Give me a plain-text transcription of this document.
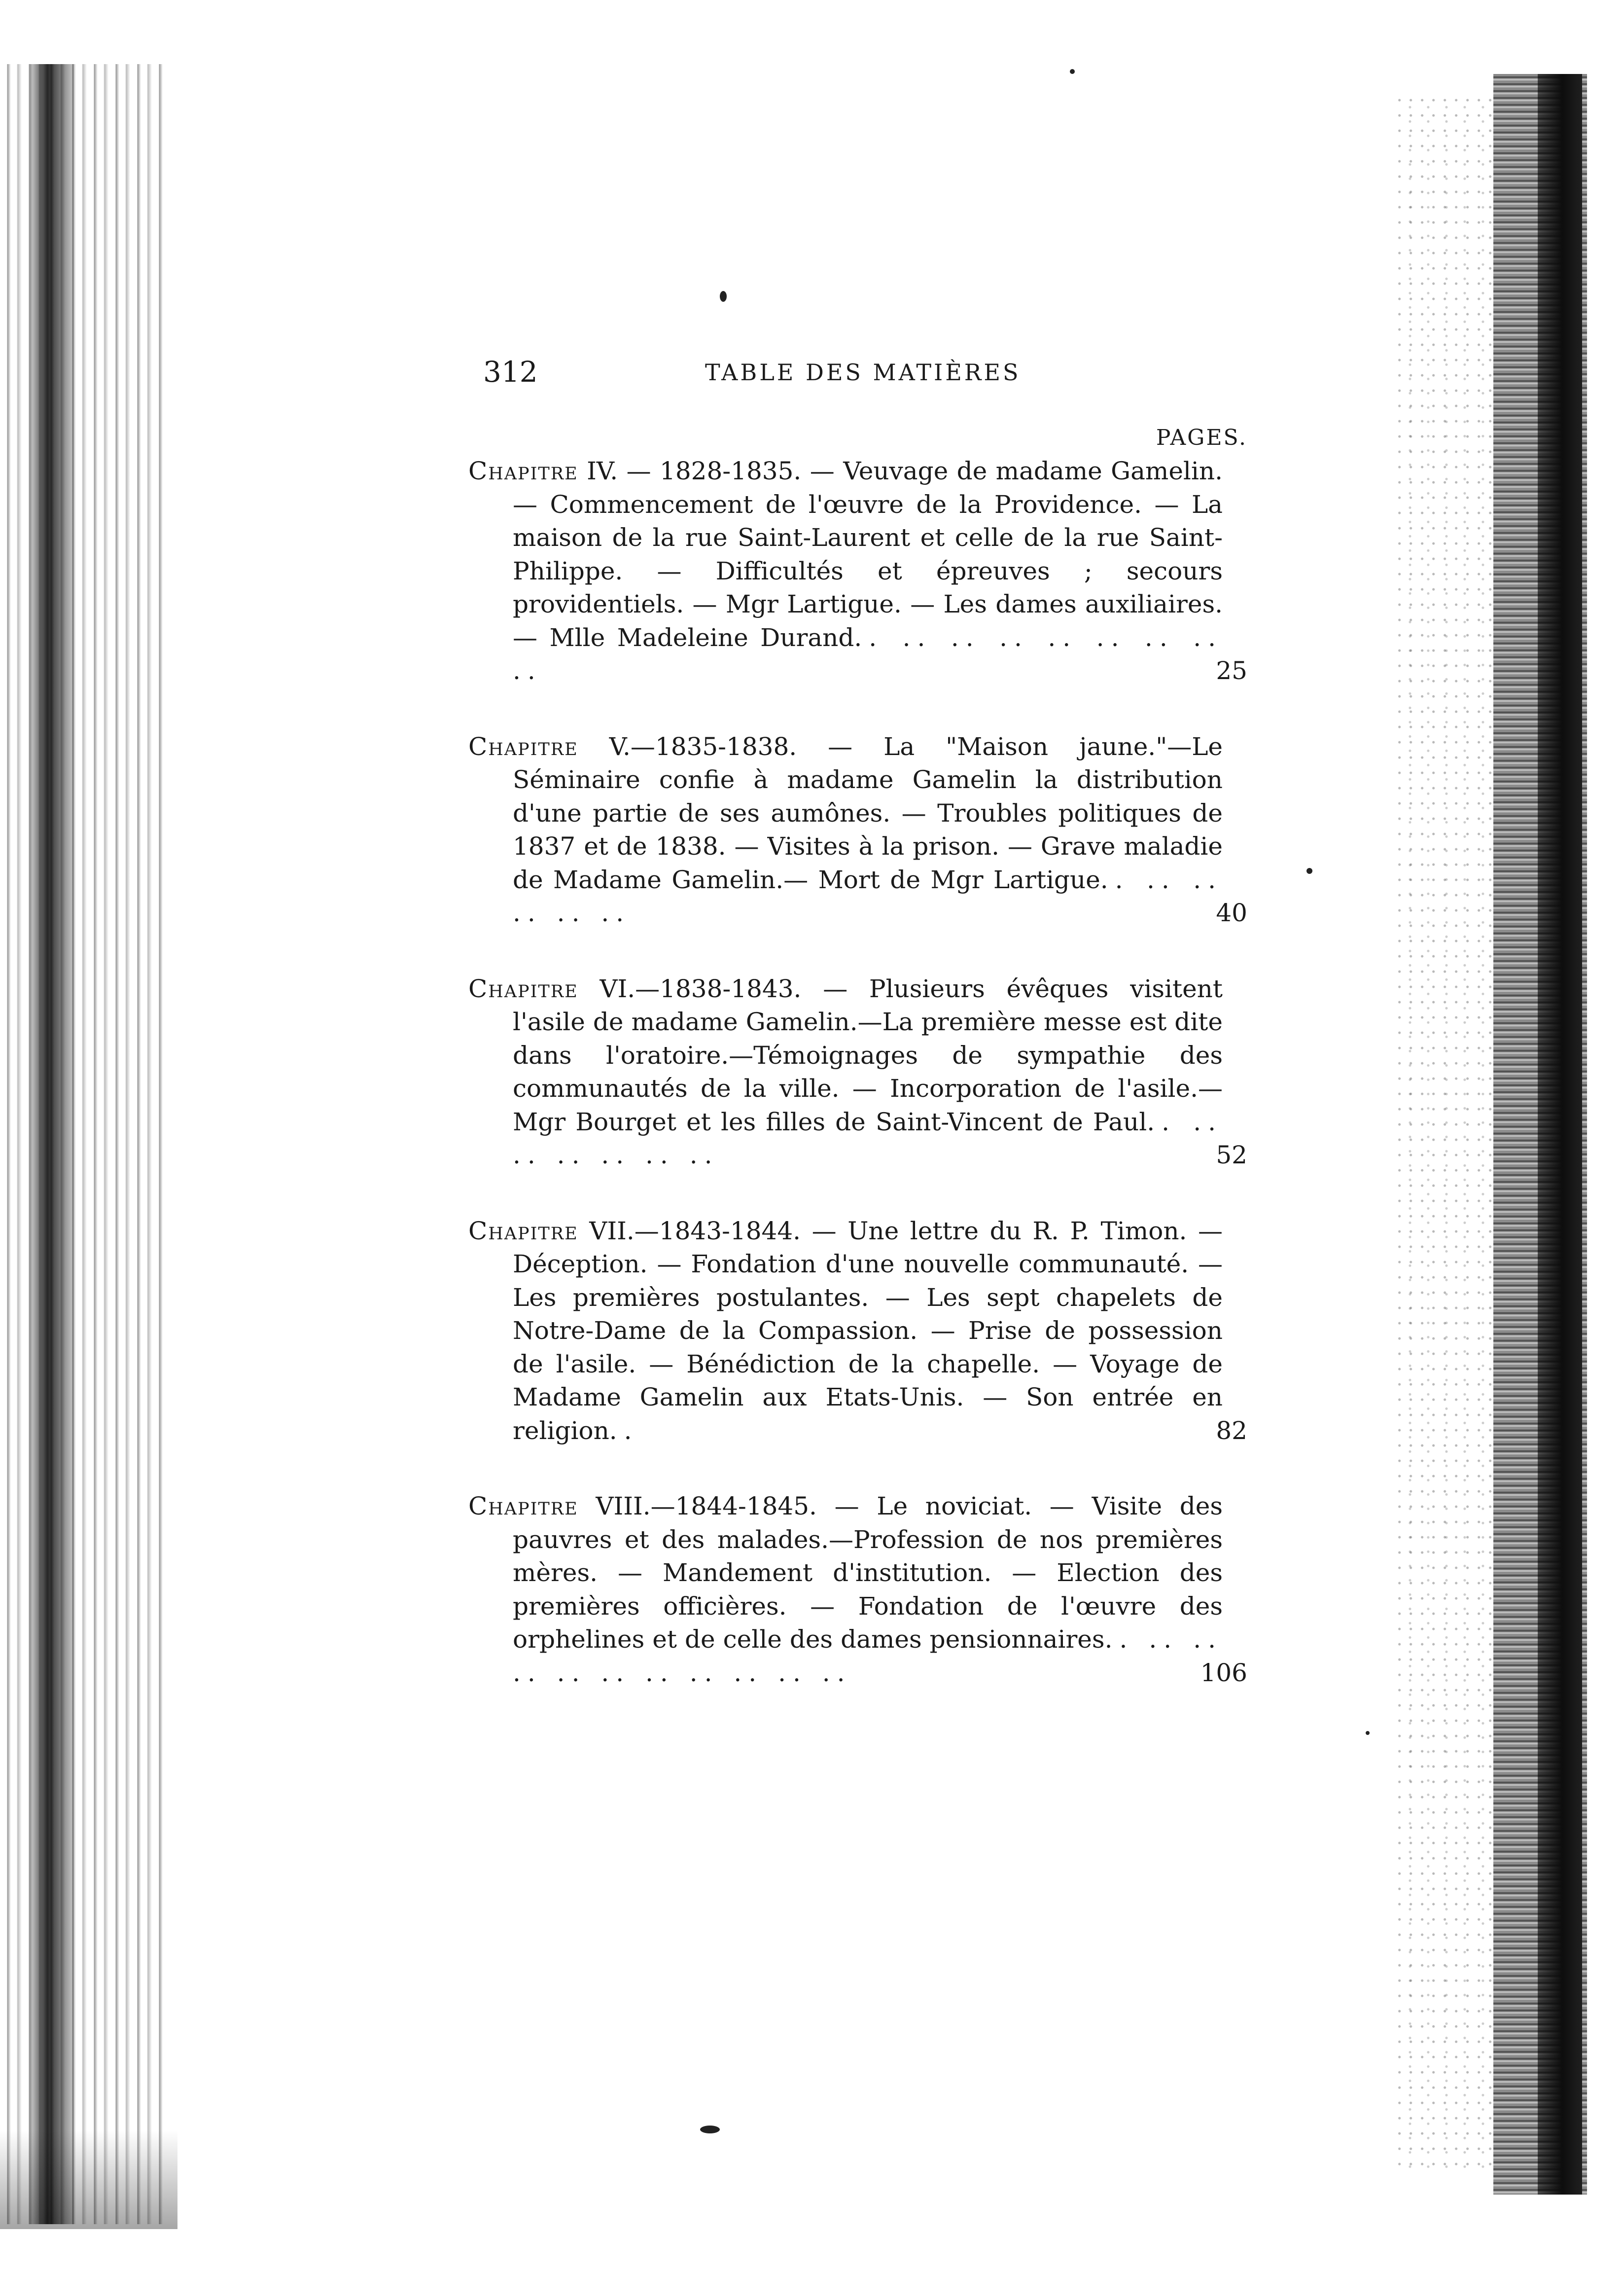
312	TABLE DES MATIÈRES
PAGES.
Chapitre IV. — 1828-1835. — Veuvage de madame Gamelin. — Commencement de l'œuvre de la Providence. — La maison de la rue Saint-Laurent et celle de la rue Saint-Philippe. — Difficultés et épreuves ; secours providentiels. — Mgr Lartigue. — Les dames auxiliaires. — Mlle Madeleine Durand.. .. .. .. .. .. .. .. ..	25
Chapitre V.—1835-1838. — La "Maison jaune."—Le Séminaire confie à madame Gamelin la distribution d'une partie de ses aumônes. — Troubles politiques de 1837 et de 1838. — Visites à la prison. — Grave maladie de Madame Gamelin.— Mort de Mgr Lartigue.. .. .. .. .. ..	40
Chapitre VI.—1838-1843. — Plusieurs évêques visitent l'asile de madame Gamelin.—La première messe est dite dans l'oratoire.—Témoignages de sympathie des communautés de la ville. — Incorporation de l'asile.—Mgr Bourget et les filles de Saint-Vincent de Paul.. .. .. .. .. .. ..	52
Chapitre VII.—1843-1844. — Une lettre du R. P. Timon. — Déception. — Fondation d'une nouvelle communauté. — Les premières postulantes. — Les sept chapelets de Notre-Dame de la Compassion. — Prise de possession de l'asile. — Bénédiction de la chapelle. — Voyage de Madame Gamelin aux Etats-Unis. — Son entrée en religion..	82
Chapitre VIII.—1844-1845. — Le noviciat. — Visite des pauvres et des malades.—Profession de nos premières mères. — Mandement d'institution. — Election des premières officières. — Fondation de l'œuvre des orphelines et de celle des dames pensionnaires.. .. .. .. .. .. .. .. .. .. ..	106
